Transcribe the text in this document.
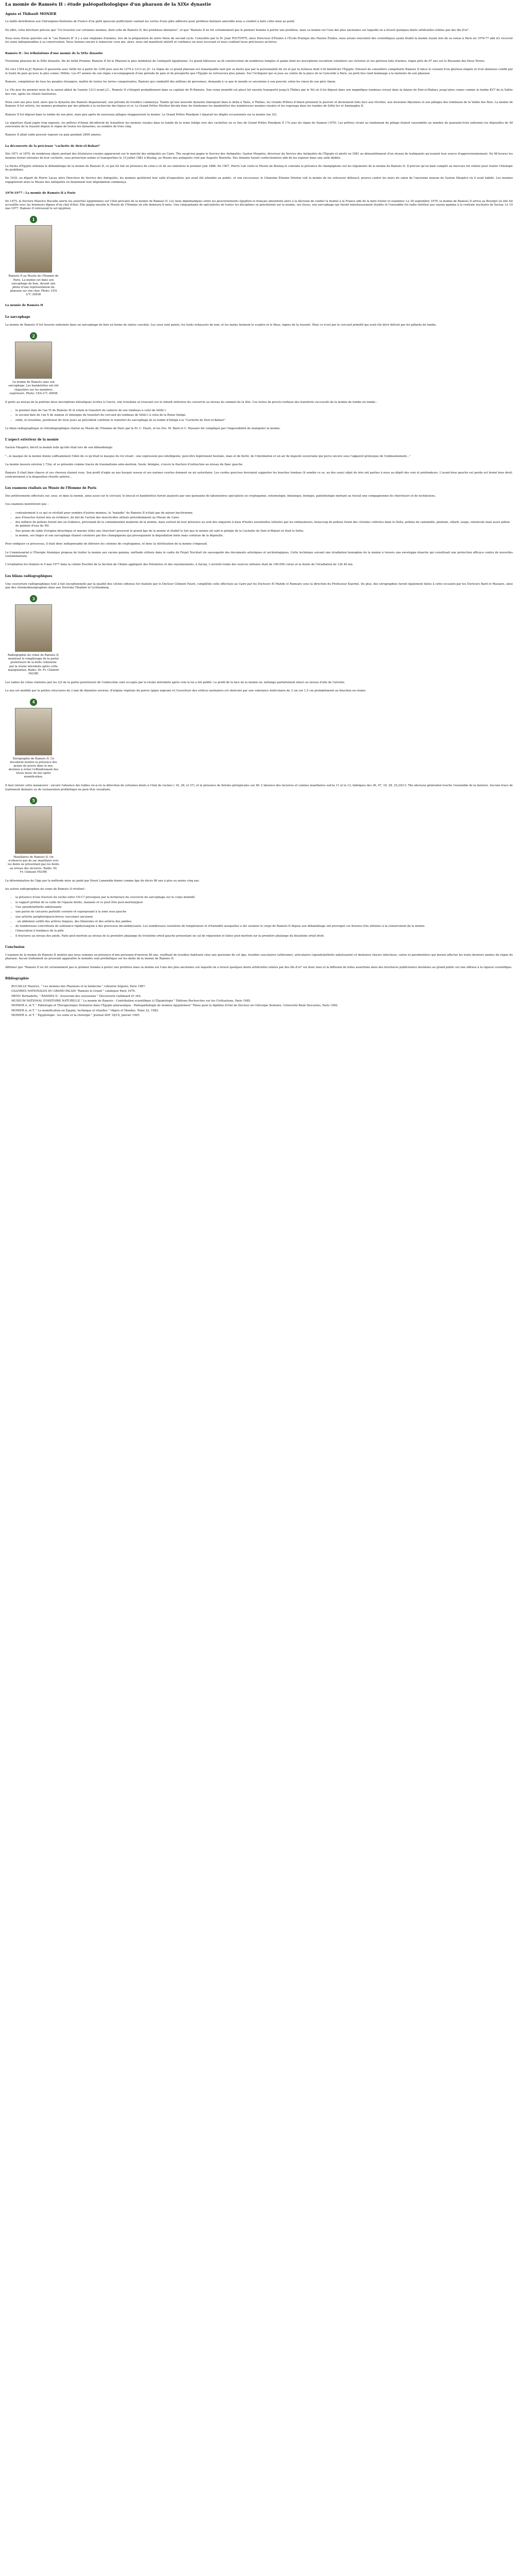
La momie de Ramsès II : étude paléopathologique d'un pharaon de la XIXe dynastie
Agnès et Thibault MONIER

La faible distribution aux Chirurgiens-Dentistes de France d'un petit opuscule publicitaire vantant les vertus d'une pâte adhésive pour prothèse dentaire amovible nous a conduit à faire cette mise au point.

En effet, cette brochure précise que "Un trouvère sur certaines momies, dont celle de Ramsès II, des prothèses dentaires", et que "Ramsès II ne fut certainement pas le premier homme à porter une prothèse, mais sa momie est l'une des plus anciennes sur laquelle on a trouvé quelques dents artificielles reliées par des fils d'or".

Nous nous étions penchés sur le "cas Ramsès II" il y a une vingtaine d'années, lors de la préparation de notre thèse de second cycle. Conseillés par le Pr. Jean TOUTOTTI, alors Directeur d'Études à l'École Pratique des Hautes Études, nous avions rencontré des scientifiques ayant étudié la momie royale lors de sa venue à Paris en 1976-77 afin d'y recevoir les soins indispensables à sa conservation. Nous tenions encore à remercier ceux qui, alors, nous ont manifesté intérêt et confiance en nous recevant et nous confiant leurs précieuses archives.

Ramsès II : les tribulations d'une momie de la XIXe dynastie

Troisième pharaon de la XIXe dynastie, fils de Séthi Premier, Ramsès II fut le Pharaon le plus médiatisé de l'antiquité égyptienne. Ce grand bâtisseur au fil constructions de nombreux temples et palais dont les inscriptions racontent volontiers ses victoires et ses glorieux faits d'armes, règne près de 67 ans sur le Royaume des Deux Terres.

Né vers 1304 av.JC Ramsès II gouverne avec Séthi Ier à partir de 1290 puis seul de 1279 à 1213 av. JC. Le règne de ce grand pharaon est remarquable tant par sa durée que par la personnalité du roi et par la richesse dont il fit bénéficier l'Égypte. Entouré de conseillers compétents Ramsès II lance le courant d'un glorieux empire et d'un immense conflit par le traité de paix qu'avec le plus connu: Hittite. Les 67 années de son règne s'accompagnent d'une période de paix et de prospérité que l'Égypte ne retrouvera plus jamais. Sur l'échiquier qui se joue au centre de la place de la Concorde à Paris, un petit lieu rend hommage à la mémoire de son pharaon.

Ramsès, compilateur de tous les peuples étrangers, maître de toutes les terres conquérantes, Ramsès qui combattit des millions de personnes, demande à ce que le monde se souvienne à son pouvoir, selon les vœux de son père Amon.

Le 19e jour du premier mois de la saison akhet de l'année 1213 avant J.C., Ramsès II s'éteignit probablement dans sa capitale de Pi-Ramsès. Son corps momifié est placé fut ensuite transporté jusqu'à Thèbes par le Nil où il fut déposé dans son magnifique tombeau creusé dans la falaise de Deir-el-Bahari, jusqu'alors connu comme la tombe KV7 de la Vallée des rois, après les rituels funéraires.

Deux cent ans plus tard, alors que la dynastie des Ramsès disparaissait, une période de troubles commença. Tandis qu'une nouvelle dynastie émergeait dans le delta à Tanis, à Thèbes, les Grands Prêtres d'Amon prennent le pouvoir et deviennent faits face aux révoltes, aux invasions libyennes et aux pillages des tombeaux de la Vallée des Rois. La momie de Ramsès II fut retirée, les momies profanées par des pillards à la recherche des bijoux et or. Le Grand Prêtre Hérihor décida donc de réinhumer les bandelettes des nombreuses momies royales et les regroupa dans les tombes de Séthi Ier et Aménophis II.

Ramsès II fut déposé dans la tombe de son père, mais peu après de nouveaux pillages réapparurent la momie. Le Grand Prêtre Pinedjem I réparait les dégâts occasionnés sur la momie (an 32).

La sépulture étant jugée trop exposée, les prêtres d'Amon décidèrent de transférer les momies royales dans la tombe de la reine Inhâpi vers des cachettes en ce lieu de Grand Prêtre Pinedjem II 17e jour du règne de Siamon (-970). Les prêtres vivant au lendemain du pillage étaient rassemblés au nombre de quarante-trois enfermés les dépouilles de 40 souverains de la royauté depuis le règne de toutes les dynasties, au nombre de trois cinq.

Ramsès II allait enfin pouvoir reposer en paix pendant 2800 années.

La découverte de la précieuse "cachette de Deir-el-Bahari"

Dès 1871 et 1876, de nombreux objets portant des titulatures royales apparurent sur le marché des antiquités au Caire. The suspicion gagne le Service des Antiquités. Gaston Maspéro, directeur du Service des Antiquités de l'Égypte et alerté en 1881 au démantèlement d'un réseau de trafiquants qu'avaient leur source d'approvisionnement. En 48 heures les momies furent extraites de leur cachette, sous protection armée et transportées le 15 juillet 1881 à Boulaq, au Musée des antiquités créé par Auguste Mariette. Des témoins furent confectionnées afin de les exposer dans une salle dédiée.

Le Pacha d'Égypte ordonna le débandelage de la momie de Ramsès II, ce qui fut fait en présence de celui-ci et de ses ministres le premier juin 1886. En 1907, Pierre Loti visita le Musée de Boulaq et constata la présence de champignons sur les téguments de la momie de Ramsès II. Il précise qu'un bain complet au mercure fut réalisé pour traiter l'étiologie du problème.

En 1935, au départ de Pierre Lacau alors Directeur du Service des Antiquités, les momies quittèrent leur salle d'exposition, qui avait été attendre au public, et son successeur, le Chanoine Étienne Drioton voit la momie de les retrouver déboucé, pourvu contre les murs du salon de l'ancienne maison de Gaston Maspéro où il avait habité. Les momies regagnèrent alors le Musée des Antiquités où finalement leur dégradation commença.

1976-1977 : La momie de Ramsès II à Paris

En 1975, la Doctore Maurice Bucaille alerta les autorités égyptiennes sur l'état précaire de la momie de Ramsès II. Les liens diplomatiques entre les gouvernements égyptien et français aboutirent alors à la décision de confier la momie à la France afin de la faire traiter et examiner. Le 26 septembre 1976, la momie de Ramsès II arriva au Bourget où elle fut accueillie avec les honneurs dignes d'un chef d'état. Elle gagna ensuite le Musée de l'Homme où elle demeura 8 mois. Une cinquantaine de spécialistes de toutes les disciplines se penchèrent sur la momie, ses tissus, son sarcophage qui furent minutieusement étudiés et l'ensemble fut radio stérilisé aux rayons gamma à la centrale nucléaire de Saclay. Le 10 mai 1977, Ramsès II retrouvait le sol égyptien.

1
Ramsès II au Musée de l'Homme de Paris. La momie est dans son sarcophage de bois, devant une photo d'une représentation du pharaon sur son char. Photo: CEA n°C 20636
La momie de Ramsès II
Le sarcophage

La momie de Ramsès II fut trouvée enfermée dans un sarcophage de bois en forme de statue couchée. Les yeux sont peints, les traits rehaussés de noir, et les mains tiennent le sceptre et le fléau, signes de la royauté. Mais ce n'est par le cercueil primitif qui avait été dévé détruit par les pillards de tombe.

2
La momie de Ramsès sans son sarcophage. Les bandelettes ont été réajustées sur les membres supérieurs. Photo: CEA n°C 20658

Il porte au niveau de la poitrine deux inscriptions hiératiques écrites à l'encre, une troisième se trouvant sur le rebord extérieur du couvercle au niveau du sommet de la tête. Ces textes de procès-verbaux des transferts successifs de la momie de tombe en tombe :

• le premier date de l'an VI de Ramsès XI et relate le transfert du cadavre de son tombeau à celui de Séthi I.
• le second date de l'an X de siamon et témoigne du transfert du cercueil du tombeau de Séthi I à celui de la Reine Inhâpi.
• enfin, le troisième, postérieur de trois jours au précédent confirme le transfert du sarcophage de la tombe d'Inhâpi à la "Cachette de Deir-el-Bahari".

Le bilan radiographique et rétrodiagraphique réalisé au Musée de l'Homme de Paris par le Pr. C. Fauré, et les Drs. M. Bard et C. Massare fut compliqué par l'impossibilité de manipuler la momie.

L'aspect extérieur de la momie

Gaston Maspéro, décrit la momie telle qu'elle était lors de son débandelage:

"...le masque de la momie donne suffisamment l'idée de ce qu'était le masque du roi vivant : une expression peu intelligente, peut-être légèrement bestiale, mais et de fierté, de l'obstination et un air de majesté souveraine qui perce encore sous l'appareil grotesque de l'embaumement..."

La momie mesure environ 1,72m, et se présente comme tracée de traumatisme ante-mortem. Seule, bénigne, s'ouvre la fracture d'extraction au niveau du flanc gauche.

Ramsès II était bien chauve et ses cheveux étaient roux. Son profil d'aigle au nez busqué osseux et ses narines courtes donnent un air autoritaire. Les cordes gencives devraient supporter les bouches tondues (il semble ce se, au dos sunu) objet de très ont parties à nous au dépôt des voix et profondeurs. L'avant-bras gauche est perdu est fermé bras droit, contrairement à la disposition rituelle antérie...

Les examens réalisés au Musée de l'Homme de Paris

Des prélèvements effectués sur, sous, et dans la momie, ainsi aussi sur le cercueil, le linceul et bandelettes furent analysés par une quinzaine de laboratoires spécialisés en cryptogamie, entomologie, botanique, biologie, paléobiologie mettant au travail une compagnonnie de chercheurs et de techniciens.

Ces examens montrèrent que :

• contrairement à ce qui se révélait pour nombre d'autres momies, la "maladie" de Ramsès II n'était pas de nature bactérienne.
• peu d'insectes furent mis en évidence, du fait de l'action des insecticides utilisés précédemment au Musée du Caire.
• des milliers de pollens furent mis en évidence, provenant de la contamination moderne de la momie, mais surtout de leur présence au sein des onguents à base d'huiles essentielles utilisées par les embaumeurs, beaucoup de pollens tirant des céréales cultivées dans le Delta, pollens de camomille, plantain, sillard, sauge, renoncule mais aussi pollen de palmier d'eau du Nil.
• Des grains de sable d'origine désertique et marine (elles ans chercher) prouvent le grand âge de la momie et établit le fait que la momie ait subi le périple de la Cachette de Deir-el-Bahari et était le Delta.
• la momie, ses linges et son sarcophage étaient colonisés par des champignons qui provoquaient la dégradation lente mais continue de la dépouille.

Pour endiguer ce processus, il était donc indispensable de détruire les colonies de cryptogames, et donc la stérilisation de la momie s'imposait.

Le Commissariat à l'Énergie Atomique proposa de traiter la momie aux rayons gamma, méthode utilisée dans le cadre du Projet Nucléart de sauvegarde des documents artistiques et archéologiques. Cette technique suivant une irradiation homogène de la momie à travers une enveloppe étanche qui constituait une protection efficace contre de nouvelles contaminations.

L'irradiation fut réalisée le 9 mai 1977 dans la cellule Pisciflor de la Section de Chimie appliquée des Polymères et des rayonnements, à Saclay. L'activité totale des sources utilisées était de 160.000 curies et la durée de l'irradiation de 12h 40 mn.

Les bilans radiographiques

Une couverture radiographique tout à fait exceptionnelle par la qualité des clichés obtenus fut réalisée par le Docteur Clément Fauré, complétée celle effectuée au Caire par les Docteurs El Mahdy et Ramsaty sous la direction du Professeur Kaermé. De plus, des xérographies furent également faites à cette occasion par les Docteurs Bard et Massare, ainsi que des chromodensigraphies dans une Doctrine Thiallier et Lichtenberg.

3
Radiographie du crâne de Ramsès II, montrant le remplissage de la partie postérieure de la boîte crânienne par la résine introduite après cette manipulation. Radio: Dr. Fr. Clément FAURE

Les radios du crâne réalisées par les 2/3 de la partie postérieure de l'endocrâne sont occupés par la résine introduite après cela la lui a été publié. Le profil de la face de la momie un, mélange parfaitement intact au niveau d'aile de l'alvéole.

Le nez est modifié par la petites structures de 2 mm de diamètre environ, d'origine végétale du poivre (piper nigrum) et l'ouverture des orifices narinaires est obstruée par une substance lenticulaire de 3 cm sur 1,5 cm probablement au bouchon en résine.

4
Xérographie de Ramsès II. Ce document montre la présence des grains de poivre dans le nez, destinés à éviter l'effondrement des tissus mous du nez après momification.

Il faut retenir cette manœuvre : encore l'absence des tubles vis-à-vis la détection de certaines dents à l'état de racines ( 16, 26, et 37), et la présence de fistules périapicales sur 46. L'absence des incisives et canines maxillaires sud-la 11 et la 13, fabriques des 36, 47, 18, 28, 25,24/13. The abcès/se généralisé touche l'ensemble de la denture. Aucune trace de traitement dentaire ou de restauration prothétique ne peut être visualisée.

5
Maxillaires de Ramsès II. On n'observe pas de sac maxillaire vers les dents ne présentant pas les dents au niveau des incisives. Radio: Dr. Fr. Clément FAURE

La détermination de l'âge par la méthode mise au point par Henri Lamendin donne comme âge du décès 80 ans à plus ou moins cinq ans.

les autres radiographies du corps de Ramsès II révèlent :

• la présence d'une fracture du rachis entre C6-C7 provoquée par la fermeture du couvercle du sarcophage sur le corps momifié
• le rapport préfixé de la cuille de l'épaule droite, malaxée et ce peut être post-mortem/post
• Une spondylarthrite ankylosante
• une partie de calcaires partielle coronée et superposant à la zone sous gauche
• une artérite peripherique/sclérose vasculaire ancienne
• - un abdomen catillé des artères iliaques, des fémorales et des artères des jambes,
• de nombreuses concrétions de substance rigide/sanguin à des processus ducamble/sauto. Les nombreuses variations de température et d'humidité auxquelles a été soumise le corps de Ramsès II depuis son débandelage ont provoqué ces fissures très utilisées à la conservation de la momie.
• l'émaciation à tendance de la pâte
• il fractures au niveau des pieds. Faite post-mortem au niveau de la première phalange du troisième orteil gauche présentant un cal de réparation et faites post-mortem sur la première phalange du deuxième orteil droit.
Conclusion

L'examen de la momie de Ramsès II montre que nous sommes en présence d'une personne d'environ 80 ans, souffrant de troubles habituels chez une personne de cet âge, troubles vasculaires (athérome), articulaires (spondylarthrite ankylosante) et dentaires (foyers infectieux, caries et parodontites) qui durent affecter les traits derniers années du règne du pharaon. Aucun traitement ne prouvant apparaître le moindre soin prothétique sur les dents de la momie de Ramsès II.

Affirmer que "Ramsès II ne fut certainement pas le premier homme à porter une prothèse mais sa momie est l'une des plus anciennes sur laquelle on a trouvé quelques dents artificielles reliées par des fils d'or" est donc faux et la diffusion de telles assertions dans des brochures publicitaires destinées au grand public est une offense à la rigueur scientifique.

Bibliographie
BUCAILLE Maurice, " Les momies des Pharaons et la médecine " Librairie Séguier, Paris 1987.
GALERIES NATIONALES DU GRAND PALAIS "Ramsès le Grand " catalogue Paris 1976.
MENU Bernadette, " RAMSÈS II - Souverain des souverains " Découverte Gallimard nº 344.
MUSEUM NATIONAL D'HISTOIRE NATURELLE " La momie de Ramsès - Contribution scientifique à l'Égyptologie " Éditions Recherches sur les Civilisations, Paris 1985.
MONIER A. et T. " Pathologie et Thérapeutique Dentaires dans l'Égypte pharaonique - Paléopathologie de momies égyptiennes" Thèse pour le diplôme d'état de Docteur en Chirurgie Dentaire, Université René Descartes, Paris 1982.
MONIER A. et T. " La momification en Égypte, technique et rituelles " Objets et Mondes, Tome 22, 1982.
MONIER A. et T. " Égyptologie : les soins et la chirurgie " Journal ADF 18/19, Janvier 1995.
